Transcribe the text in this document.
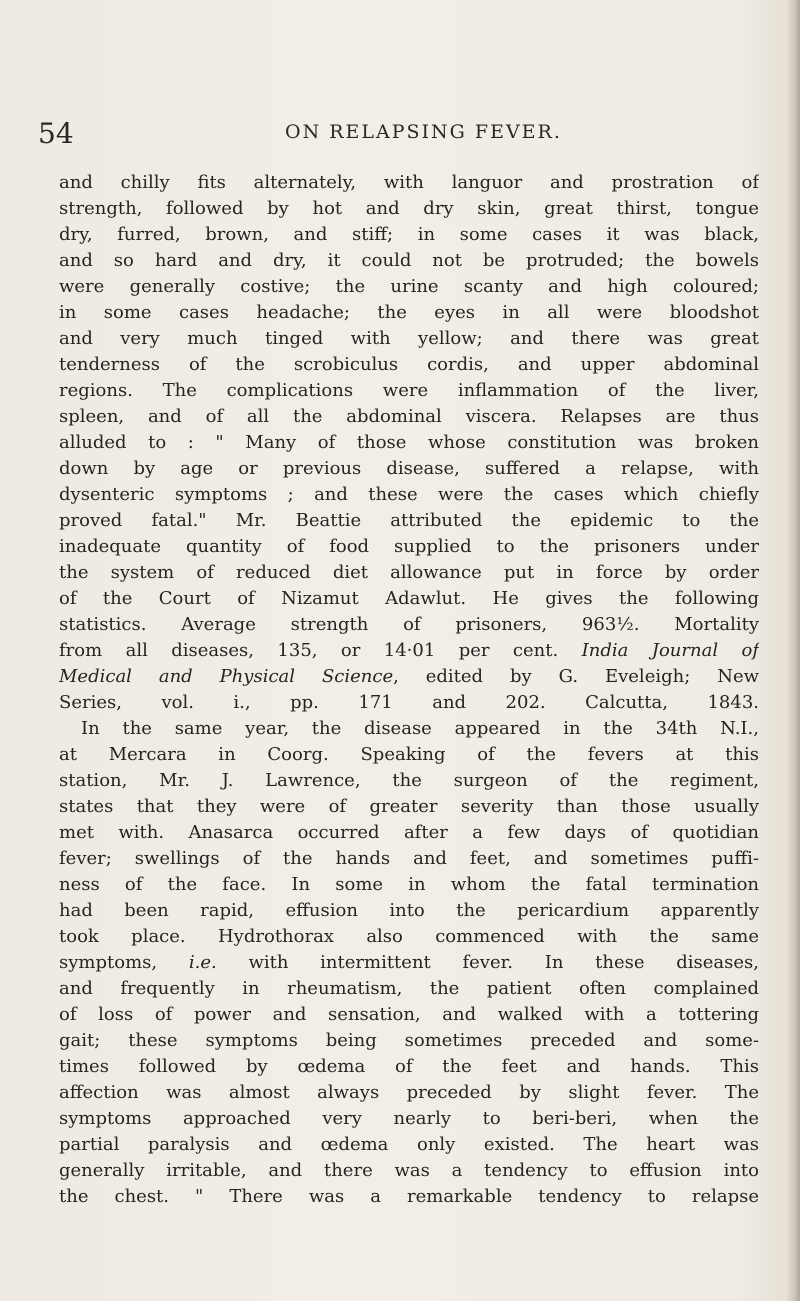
54	ON RELAPSING FEVER.
and chilly fits alternately, with languor and prostration of
strength, followed by hot and dry skin, great thirst, tongue
dry, furred, brown, and stiff; in some cases it was black,
and so hard and dry, it could not be protruded; the bowels
were generally costive; the urine scanty and high coloured;
in some cases headache; the eyes in all were bloodshot
and very much tinged with yellow; and there was great
tenderness of the scrobiculus cordis, and upper abdominal
regions. The complications were inflammation of the liver,
spleen, and of all the abdominal viscera. Relapses are thus
alluded to : " Many of those whose constitution was broken
down by age or previous disease, suffered a relapse, with
dysenteric symptoms ; and these were the cases which chiefly
proved fatal." Mr. Beattie attributed the epidemic to the
inadequate quantity of food supplied to the prisoners under
the system of reduced diet allowance put in force by order
of the Court of Nizamut Adawlut. He gives the following
statistics. Average strength of prisoners, 963½. Mortality
from all diseases, 135, or 14·01 per cent. India Journal of
Medical and Physical Science, edited by G. Eveleigh; New
Series, vol. i., pp. 171 and 202. Calcutta, 1843.
In the same year, the disease appeared in the 34th N.I.,
at Mercara in Coorg. Speaking of the fevers at this
station, Mr. J. Lawrence, the surgeon of the regiment,
states that they were of greater severity than those usually
met with. Anasarca occurred after a few days of quotidian
fever; swellings of the hands and feet, and sometimes puffi-
ness of the face. In some in whom the fatal termination
had been rapid, effusion into the pericardium apparently
took place. Hydrothorax also commenced with the same
symptoms, i.e. with intermittent fever. In these diseases,
and frequently in rheumatism, the patient often complained
of loss of power and sensation, and walked with a tottering
gait; these symptoms being sometimes preceded and some-
times followed by œdema of the feet and hands. This
affection was almost always preceded by slight fever. The
symptoms approached very nearly to beri-beri, when the
partial paralysis and œdema only existed. The heart was
generally irritable, and there was a tendency to effusion into
the chest. " There was a remarkable tendency to relapse
